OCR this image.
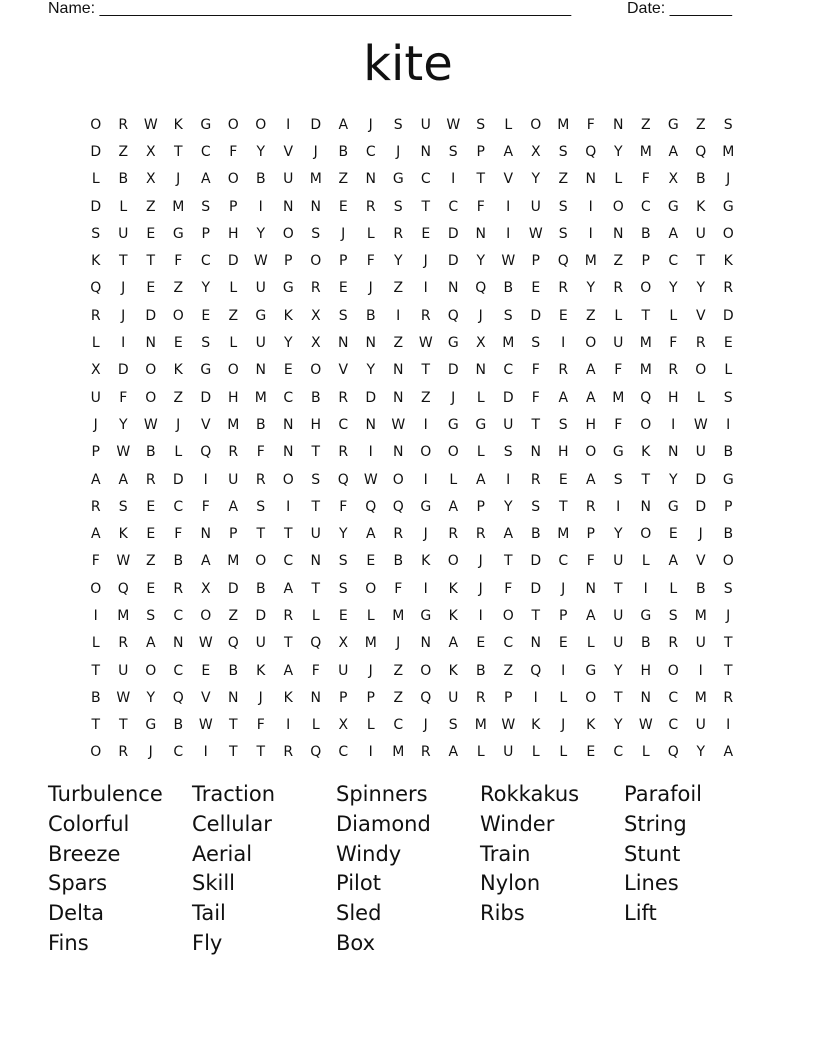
Name: _____________________________________________________	Date: _______
kite
O	R	W	K	G	O	O	I	D	A	J	S	U	W	S	L	O	M	F	N	Z	G	Z	S
D	Z	X	T	C	F	Y	V	J	B	C	J	N	S	P	A	X	S	Q	Y	M	A	Q	M
L	B	X	J	A	O	B	U	M	Z	N	G	C	I	T	V	Y	Z	N	L	F	X	B	J
D	L	Z	M	S	P	I	N	N	E	R	S	T	C	F	I	U	S	I	O	C	G	K	G
S	U	E	G	P	H	Y	O	S	J	L	R	E	D	N	I	W	S	I	N	B	A	U	O
K	T	T	F	C	D	W	P	O	P	F	Y	J	D	Y	W	P	Q	M	Z	P	C	T	K
Q	J	E	Z	Y	L	U	G	R	E	J	Z	I	N	Q	B	E	R	Y	R	O	Y	Y	R
R	J	D	O	E	Z	G	K	X	S	B	I	R	Q	J	S	D	E	Z	L	T	L	V	D
L	I	N	E	S	L	U	Y	X	N	N	Z	W	G	X	M	S	I	O	U	M	F	R	E
X	D	O	K	G	O	N	E	O	V	Y	N	T	D	N	C	F	R	A	F	M	R	O	L
U	F	O	Z	D	H	M	C	B	R	D	N	Z	J	L	D	F	A	A	M	Q	H	L	S
J	Y	W	J	V	M	B	N	H	C	N	W	I	G	G	U	T	S	H	F	O	I	W	I
P	W	B	L	Q	R	F	N	T	R	I	N	O	O	L	S	N	H	O	G	K	N	U	B
A	A	R	D	I	U	R	O	S	Q	W	O	I	L	A	I	R	E	A	S	T	Y	D	G
R	S	E	C	F	A	S	I	T	F	Q	Q	G	A	P	Y	S	T	R	I	N	G	D	P
A	K	E	F	N	P	T	T	U	Y	A	R	J	R	R	A	B	M	P	Y	O	E	J	B
F	W	Z	B	A	M	O	C	N	S	E	B	K	O	J	T	D	C	F	U	L	A	V	O
O	Q	E	R	X	D	B	A	T	S	O	F	I	K	J	F	D	J	N	T	I	L	B	S
I	M	S	C	O	Z	D	R	L	E	L	M	G	K	I	O	T	P	A	U	G	S	M	J
L	R	A	N	W	Q	U	T	Q	X	M	J	N	A	E	C	N	E	L	U	B	R	U	T
T	U	O	C	E	B	K	A	F	U	J	Z	O	K	B	Z	Q	I	G	Y	H	O	I	T
B	W	Y	Q	V	N	J	K	N	P	P	Z	Q	U	R	P	I	L	O	T	N	C	M	R
T	T	G	B	W	T	F	I	L	X	L	C	J	S	M	W	K	J	K	Y	W	C	U	I
O	R	J	C	I	T	T	R	Q	C	I	M	R	A	L	U	L	L	E	C	L	Q	Y	A
Turbulence
Colorful
Breeze
Spars
Delta
Fins
Traction
Cellular
Aerial
Skill
Tail
Fly
Spinners
Diamond
Windy
Pilot
Sled
Box
Rokkakus
Winder
Train
Nylon
Ribs
Parafoil
String
Stunt
Lines
Lift
